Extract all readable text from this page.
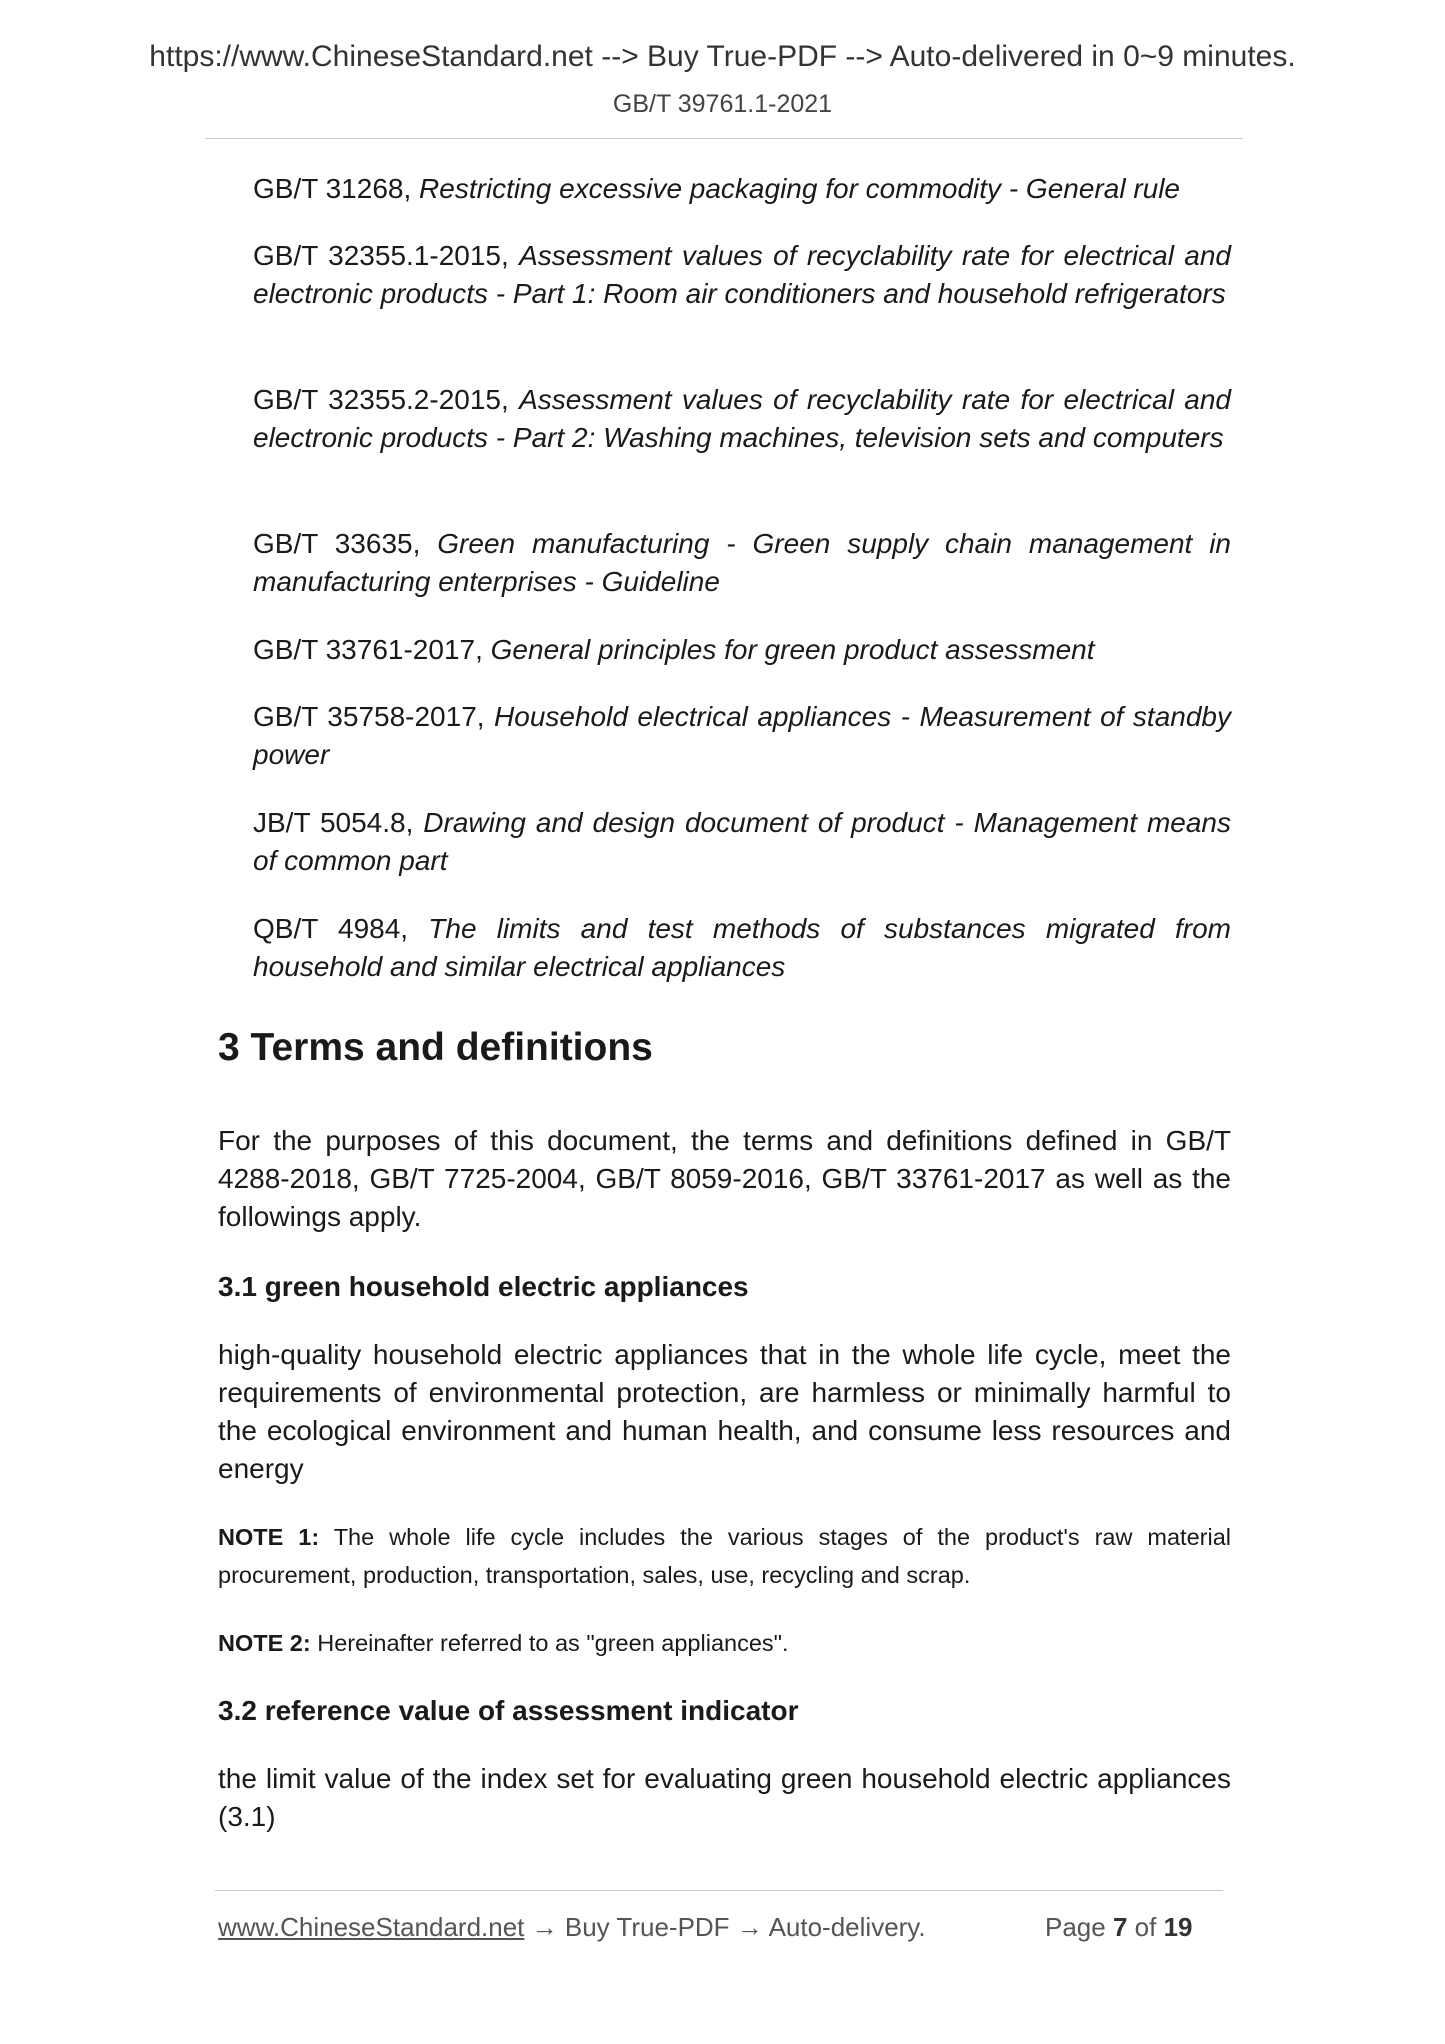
https://www.ChineseStandard.net --> Buy True-PDF --> Auto-delivered in 0~9 minutes.
GB/T 39761.1-2021

GB/T 31268, Restricting excessive packaging for commodity - General rule

GB/T 32355.1-2015, Assessment values of recyclability rate for electrical and electronic products - Part 1: Room air conditioners and household refrigerators

GB/T 32355.2-2015, Assessment values of recyclability rate for electrical and electronic products - Part 2: Washing machines, television sets and computers

GB/T 33635, Green manufacturing - Green supply chain management in manufacturing enterprises - Guideline

GB/T 33761-2017, General principles for green product assessment

GB/T 35758-2017, Household electrical appliances - Measurement of standby power

JB/T 5054.8, Drawing and design document of product - Management means of common part

QB/T 4984, The limits and test methods of substances migrated from household and similar electrical appliances

3 Terms and definitions

For the purposes of this document, the terms and definitions defined in GB/T 4288-2018, GB/T 7725-2004, GB/T 8059-2016, GB/T 33761-2017 as well as the followings apply.

3.1 green household electric appliances

high-quality household electric appliances that in the whole life cycle, meet the requirements of environmental protection, are harmless or minimally harmful to the ecological environment and human health, and consume less resources and energy

NOTE 1: The whole life cycle includes the various stages of the product's raw material procurement, production, transportation, sales, use, recycling and scrap.

NOTE 2: Hereinafter referred to as "green appliances".

3.2 reference value of assessment indicator

the limit value of the index set for evaluating green household electric appliances (3.1)

www.ChineseStandard.net → Buy True-PDF → Auto-delivery.	Page 7 of 19
